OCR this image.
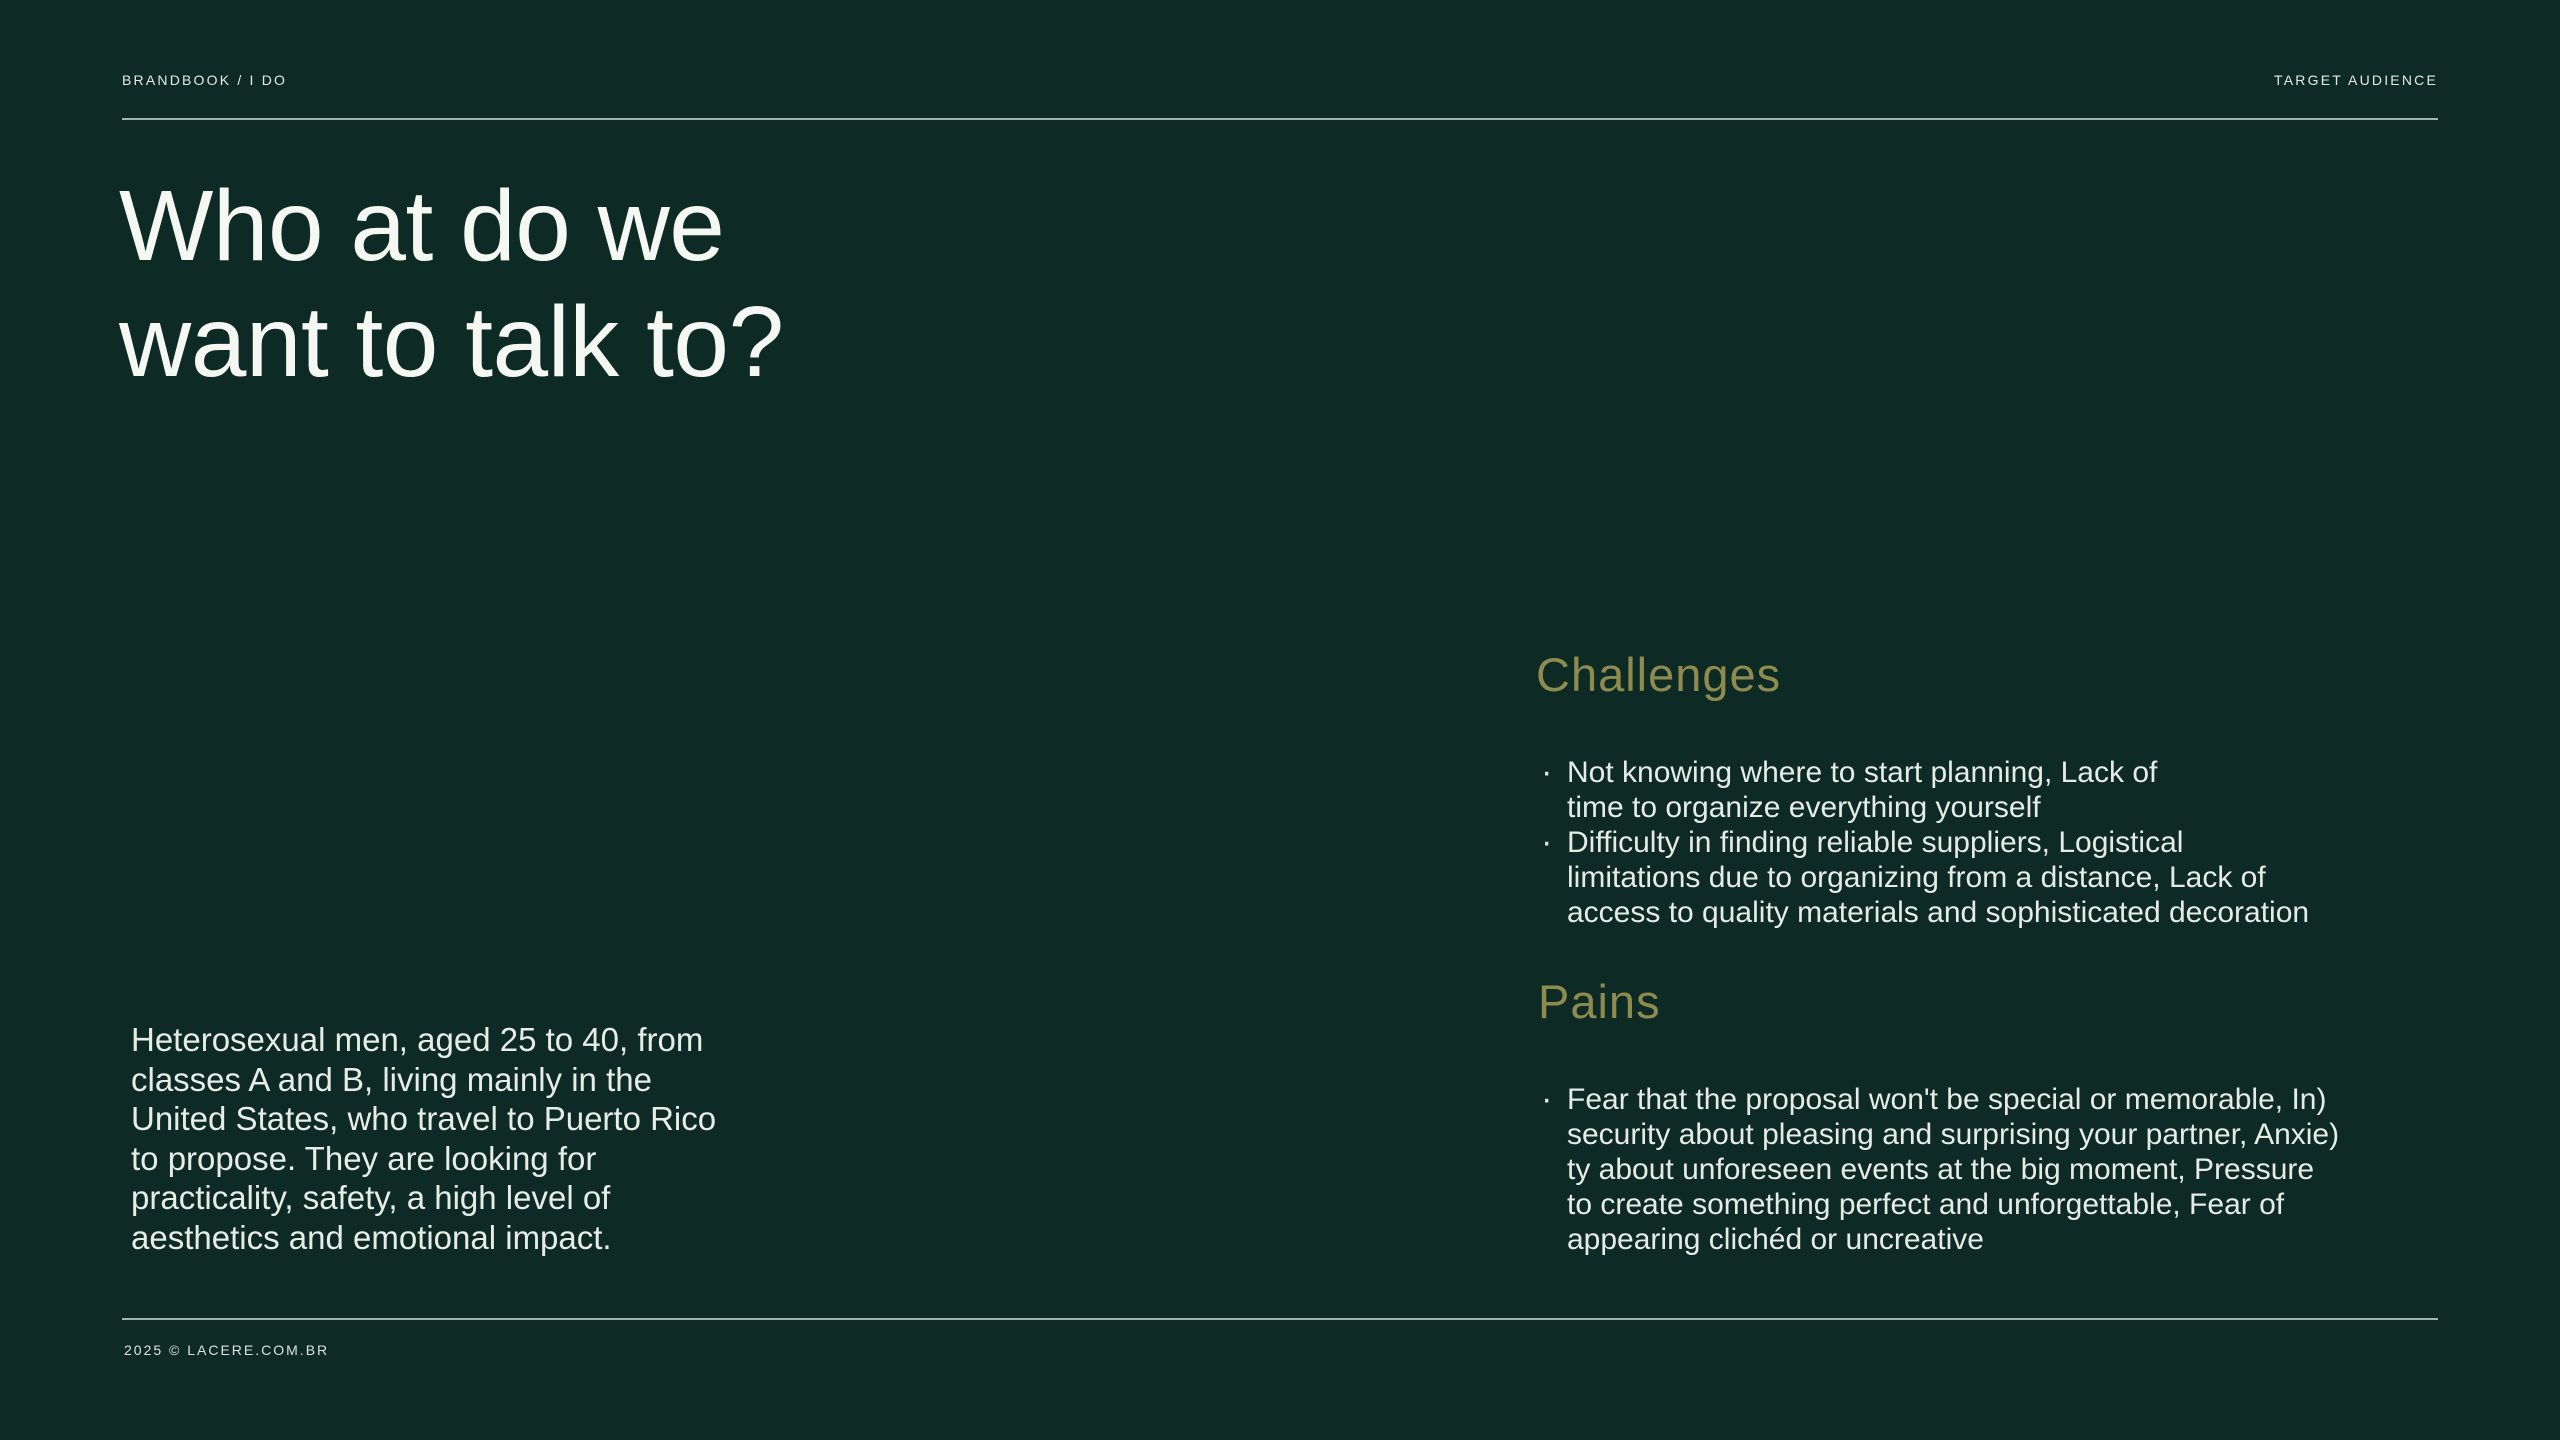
BRANDBOOK / I DO	TARGET AUDIENCE
Who at do we
want to talk to?
Heterosexual men, aged 25 to 40, from
classes A and B, living mainly in the
United States, who travel to Puerto Rico
to propose. They are looking for
practicality, safety, a high level of
aesthetics and emotional impact.
Challenges
· Not knowing where to start planning, Lack of
time to organize everything yourself
· Difficulty in finding reliable suppliers, Logistical
limitations due to organizing from a distance, Lack of
access to quality materials and sophisticated decoration
Pains
· Fear that the proposal won't be special or memorable, In)
security about pleasing and surprising your partner, Anxie)
ty about unforeseen events at the big moment, Pressure
to create something perfect and unforgettable, Fear of
appearing clichéd or uncreative
2025 © LACERE.COM.BR
